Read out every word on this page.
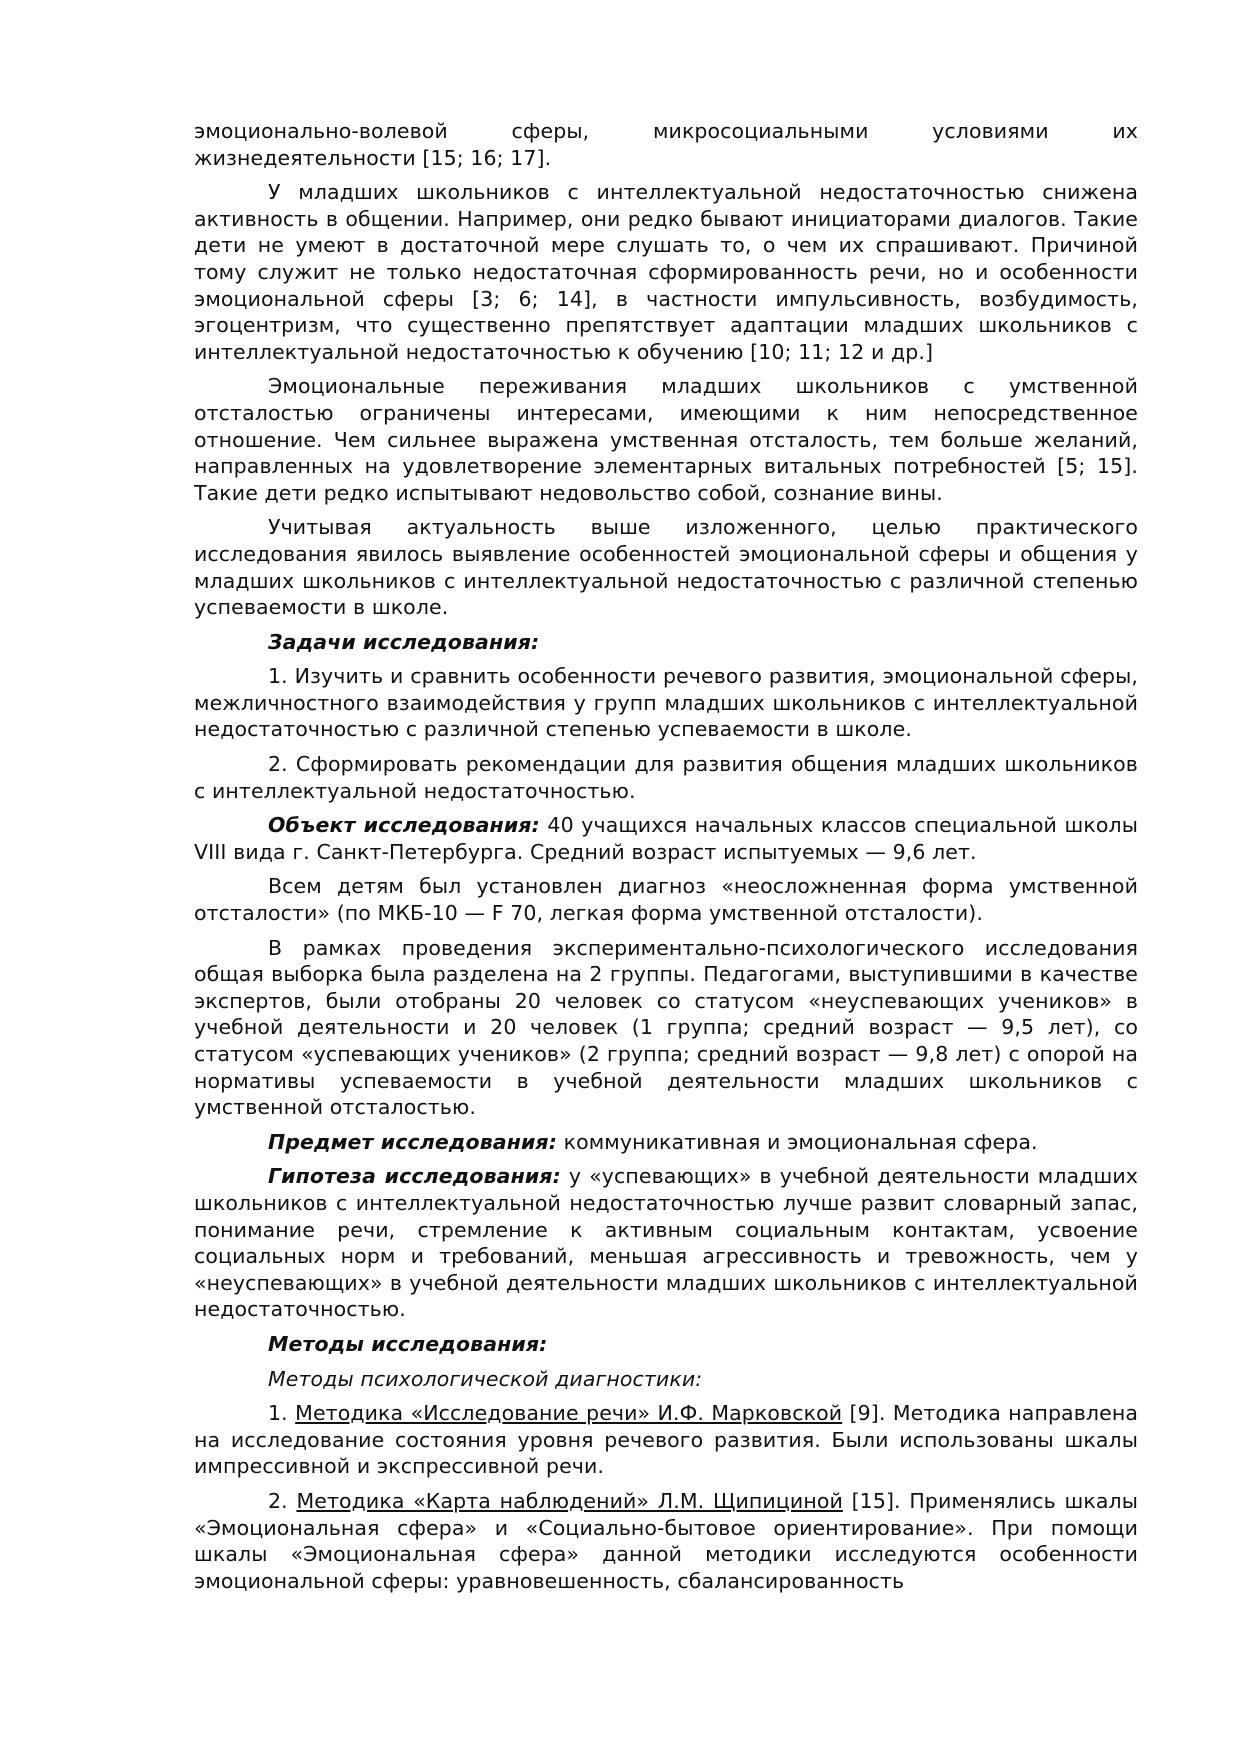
эмоционально-волевой сферы, микросоциальными условиями их жизнедеятельности [15; 16; 17].

У младших школьников с интеллектуальной недостаточностью снижена активность в общении. Например, они редко бывают инициаторами диалогов. Такие дети не умеют в достаточной мере слушать то, о чем их спрашивают. Причиной тому служит не только недостаточная сформированность речи, но и особенности эмоциональной сферы [3; 6; 14], в частности импульсивность, возбудимость, эгоцентризм, что существенно препятствует адаптации младших школьников с интеллектуальной недостаточностью к обучению [10; 11; 12 и др.]

Эмоциональные переживания младших школьников с умственной отсталостью ограничены интересами, имеющими к ним непосредственное отношение. Чем сильнее выражена умственная отсталость, тем больше желаний, направленных на удовлетворение элементарных витальных потребностей [5; 15]. Такие дети редко испытывают недовольство собой, сознание вины.

Учитывая актуальность выше изложенного, целью практического исследования явилось выявление особенностей эмоциональной сферы и общения у младших школьников с интеллектуальной недостаточностью с различной степенью успеваемости в школе.

Задачи исследования:

1. Изучить и сравнить особенности речевого развития, эмоциональной сферы, межличностного взаимодействия у групп младших школьников с интеллектуальной недостаточностью с различной степенью успеваемости в школе.

2. Сформировать рекомендации для развития общения младших школьников с интеллектуальной недостаточностью.

Объект исследования: 40 учащихся начальных классов специальной школы VIII вида г. Санкт-Петербурга. Средний возраст испытуемых — 9,6 лет.

Всем детям был установлен диагноз «неосложненная форма умственной отсталости» (по МКБ-10 — F 70, легкая форма умственной отсталости).

В рамках проведения экспериментально-психологического исследования общая выборка была разделена на 2 группы. Педагогами, выступившими в качестве экспертов, были отобраны 20 человек со статусом «неуспевающих учеников» в учебной деятельности и 20 человек (1 группа; средний возраст — 9,5 лет), со статусом «успевающих учеников» (2 группа; средний возраст — 9,8 лет) с опорой на нормативы успеваемости в учебной деятельности младших школьников с умственной отсталостью.

Предмет исследования: коммуникативная и эмоциональная сфера.

Гипотеза исследования: у «успевающих» в учебной деятельности младших школьников с интеллектуальной недостаточностью лучше развит словарный запас, понимание речи, стремление к активным социальным контактам, усвоение социальных норм и требований, меньшая агрессивность и тревожность, чем у «неуспевающих» в учебной деятельности младших школьников с интеллектуальной недостаточностью.

Методы исследования:

Методы психологической диагностики:

1. Методика «Исследование речи» И.Ф. Марковской [9]. Методика направлена на исследование состояния уровня речевого развития. Были использованы шкалы импрессивной и экспрессивной речи.

2. Методика «Карта наблюдений» Л.М. Щипициной [15]. Применялись шкалы «Эмоциональная сфера» и «Социально-бытовое ориентирование». При помощи шкалы «Эмоциональная сфера» данной методики исследуются особенности эмоциональной сферы: уравновешенность, сбалансированность
